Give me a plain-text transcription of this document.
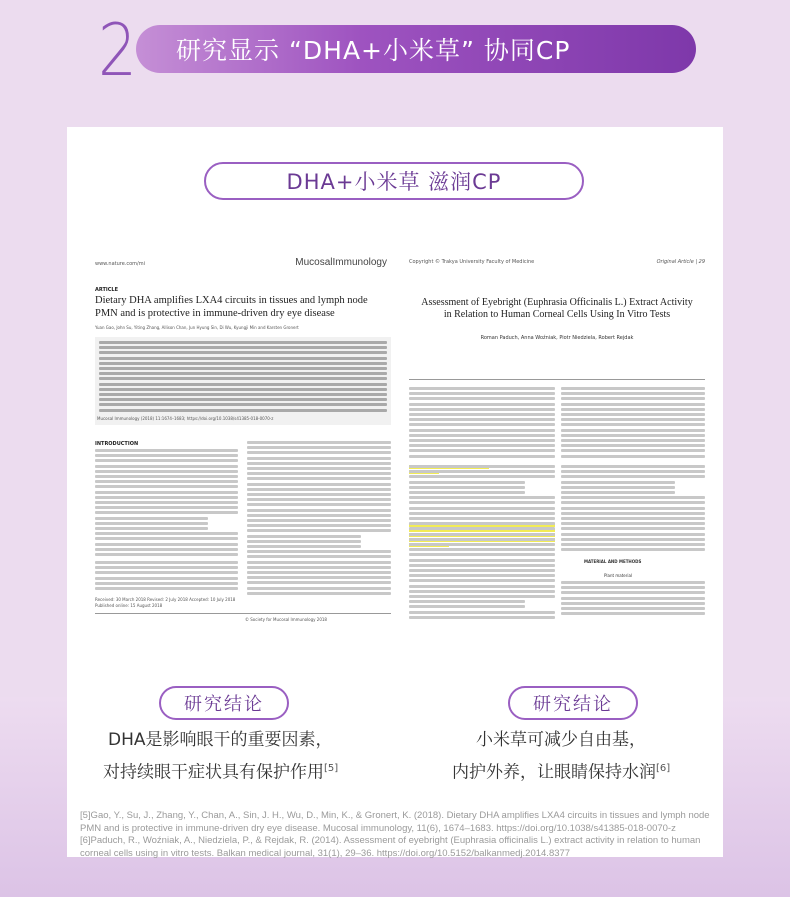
研究显示 “DHA+小米草” 协同CP
2
DHA+小米草 滋润CP
www.nature.com/mi	MucosalImmunology
ARTICLE
Dietary DHA amplifies LXA4 circuits in tissues and lymph node PMN and is protective in immune-driven dry eye disease
Yuan Gao, John Su, Yiting Zhang, Allison Chan, Jun Hyung Sin, Di Wu, Kyungji Min and Karsten Gronert
Mucosal Immunology (2018) 11:1674–1683; https://doi.org/10.1038/s41385-018-0070-z
INTRODUCTION
Received: 30 March 2018 Revised: 2 July 2018 Accepted: 10 July 2018
Published online: 15 August 2018
© Society for Mucosal Immunology 2018
Copyright © Trakya University Faculty of Medicine	Original Article | 29
Assessment of Eyebright (Euphrasia Officinalis L.) Extract Activity in Relation to Human Corneal Cells Using In Vitro Tests
Roman Paduch, Anna Woźniak, Piotr Niedziela, Robert Rejdak
MATERIAL AND METHODS
Plant material
研究结论	研究结论
DHA是影响眼干的重要因素，
对持续眼干症状具有保护作用[5]
小米草可减少自由基，
内护外养，让眼睛保持水润[6]
[5]Gao, Y., Su, J., Zhang, Y., Chan, A., Sin, J. H., Wu, D., Min, K., & Gronert, K. (2018). Dietary DHA amplifies LXA4 circuits in tissues and lymph node PMN and is protective in immune-driven dry eye disease. Mucosal immunology, 11(6), 1674–1683. https://doi.org/10.1038/s41385-018-0070-z
[6]Paduch, R., Woźniak, A., Niedziela, P., & Rejdak, R. (2014). Assessment of eyebright (Euphrasia officinalis L.) extract activity in relation to human corneal cells using in vitro tests. Balkan medical journal, 31(1), 29–36. https://doi.org/10.5152/balkanmedj.2014.8377
